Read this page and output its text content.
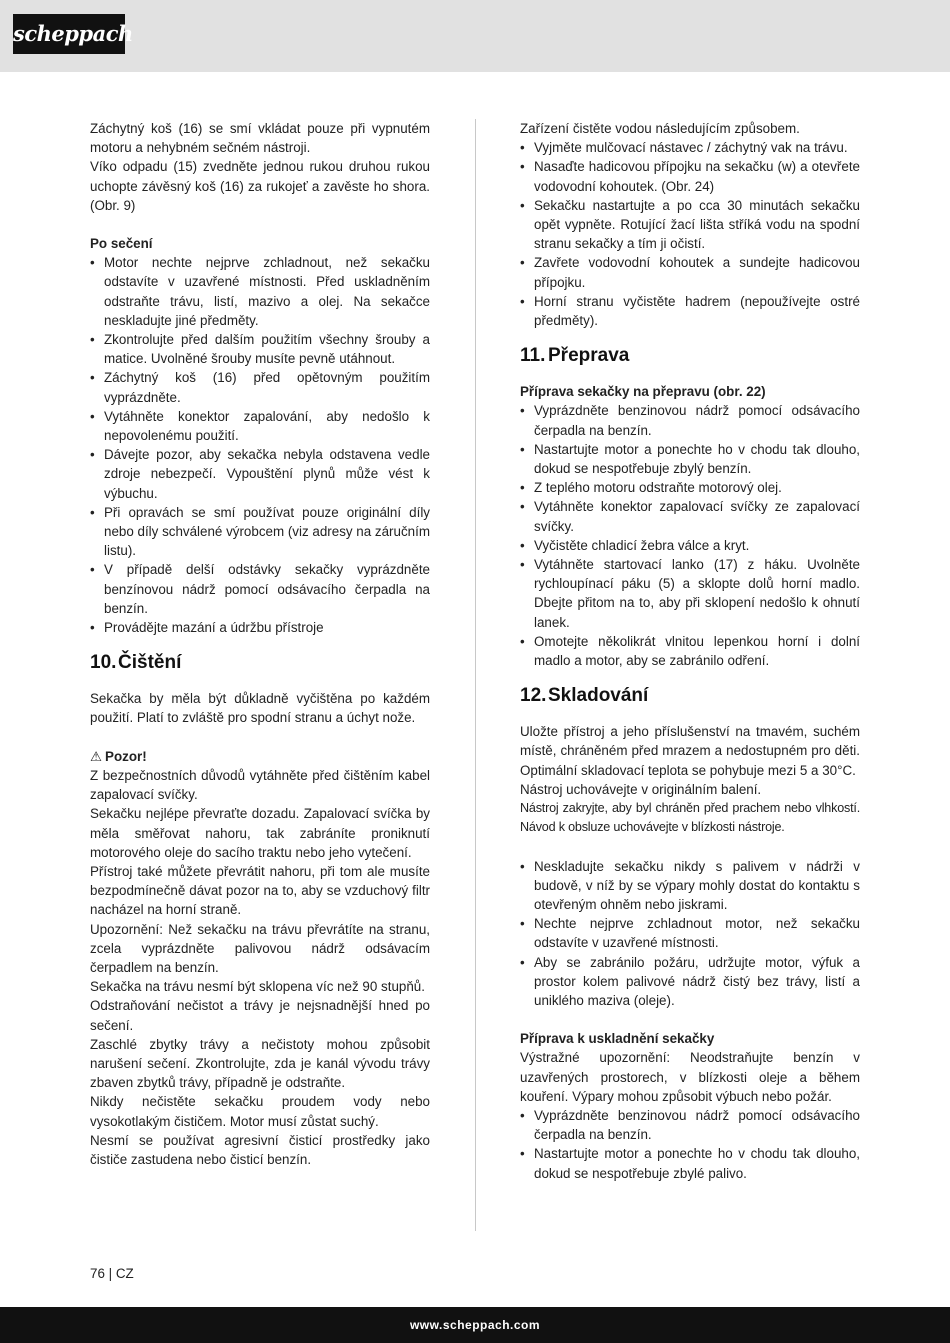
scheppach

Záchytný koš (16) se smí vkládat pouze při vypnutém motoru a nehybném sečném nástroji.

Víko odpadu (15) zvedněte jednou rukou druhou rukou uchopte závěsný koš (16) za rukojeť a zavěste ho shora. (Obr. 9)

Po sečení

• Motor nechte nejprve zchladnout, než sekačku odstavíte v uzavřené místnosti. Před uskladněním odstraňte trávu, listí, mazivo a olej. Na sekačce neskladujte jiné předměty.
• Zkontrolujte před dalším použitím všechny šrouby a matice. Uvolněné šrouby musíte pevně utáhnout.
• Záchytný koš (16) před opětovným použitím vyprázdněte.
• Vytáhněte konektor zapalování, aby nedošlo k nepovolenému použití.
• Dávejte pozor, aby sekačka nebyla odstavena vedle zdroje nebezpečí. Vypouštění plynů může vést k výbuchu.
• Při opravách se smí používat pouze originální díly nebo díly schválené výrobcem (viz adresy na záručním listu).
• V případě delší odstávky sekačky vyprázdněte benzínovou nádrž pomocí odsávacího čerpadla na benzín.
• Provádějte mazání a údržbu přístroje
10.Čištění

Sekačka by měla být důkladně vyčištěna po každém použití. Platí to zvláště pro spodní stranu a úchyt nože.

⚠ Pozor!

Z bezpečnostních důvodů vytáhněte před čištěním kabel zapalovací svíčky.

Sekačku nejlépe převraťte dozadu. Zapalovací svíčka by měla směřovat nahoru, tak zabráníte proniknutí motorového oleje do sacího traktu nebo jeho vytečení.

Přístroj také můžete převrátit nahoru, při tom ale musíte bezpodmínečně dávat pozor na to, aby se vzduchový filtr nacházel na horní straně.

Upozornění: Než sekačku na trávu převrátíte na stranu, zcela vyprázdněte palivovou nádrž odsávacím čerpadlem na benzín.

Sekačka na trávu nesmí být sklopena víc než 90 stupňů.

Odstraňování nečistot a trávy je nejsnadnější hned po sečení.

Zaschlé zbytky trávy a nečistoty mohou způsobit narušení sečení. Zkontrolujte, zda je kanál vývodu trávy zbaven zbytků trávy, případně je odstraňte.

Nikdy nečistěte sekačku proudem vody nebo vysokotlakým čističem. Motor musí zůstat suchý.

Nesmí se používat agresivní čisticí prostředky jako čističe zastudena nebo čisticí benzín.

Zařízení čistěte vodou následujícím způsobem.

• Vyjměte mulčovací nástavec / záchytný vak na trávu.
• Nasaďte hadicovou přípojku na sekačku (w) a otevřete vodovodní kohoutek. (Obr. 24)
• Sekačku nastartujte a po cca 30 minutách sekačku opět vypněte. Rotující žací lišta stříká vodu na spodní stranu sekačky a tím ji očistí.
• Zavřete vodovodní kohoutek a sundejte hadicovou přípojku.
• Horní stranu vyčistěte hadrem (nepoužívejte ostré předměty).
11. Přeprava

Příprava sekačky na přepravu (obr. 22)

• Vyprázdněte benzinovou nádrž pomocí odsávacího čerpadla na benzín.
• Nastartujte motor a ponechte ho v chodu tak dlouho, dokud se nespotřebuje zbylý benzín.
• Z teplého motoru odstraňte motorový olej.
• Vytáhněte konektor zapalovací svíčky ze zapalovací svíčky.
• Vyčistěte chladicí žebra válce a kryt.
• Vytáhněte startovací lanko (17) z háku. Uvolněte rychloupínací páku (5) a sklopte dolů horní madlo. Dbejte přitom na to, aby při sklopení nedošlo k ohnutí lanek.
• Omotejte několikrát vlnitou lepenkou horní i dolní madlo a motor, aby se zabránilo odření.
12.Skladování

Uložte přístroj a jeho příslušenství na tmavém, suchém místě, chráněném před mrazem a nedostupném pro děti. Optimální skladovací teplota se pohybuje mezi 5 a 30°C.

Nástroj uchovávejte v originálním balení.

Nástroj zakryjte, aby byl chráněn před prachem nebo vlhkostí. Návod k obsluze uchovávejte v blízkosti nástroje.

• Neskladujte sekačku nikdy s palivem v nádrži v budově, v níž by se výpary mohly dostat do kontaktu s otevřeným ohněm nebo jiskrami.
• Nechte nejprve zchladnout motor, než sekačku odstavíte v uzavřené místnosti.
• Aby se zabránilo požáru, udržujte motor, výfuk a prostor kolem palivové nádrž čistý bez trávy, listí a uniklého maziva (oleje).

Příprava k uskladnění sekačky

Výstražné upozornění: Neodstraňujte benzín v uzavřených prostorech, v blízkosti oleje a během kouření. Výpary mohou způsobit výbuch nebo požár.

• Vyprázdněte benzinovou nádrž pomocí odsávacího čerpadla na benzín.
• Nastartujte motor a ponechte ho v chodu tak dlouho, dokud se nespotřebuje zbylé palivo.
76 | CZ
www.scheppach.com
